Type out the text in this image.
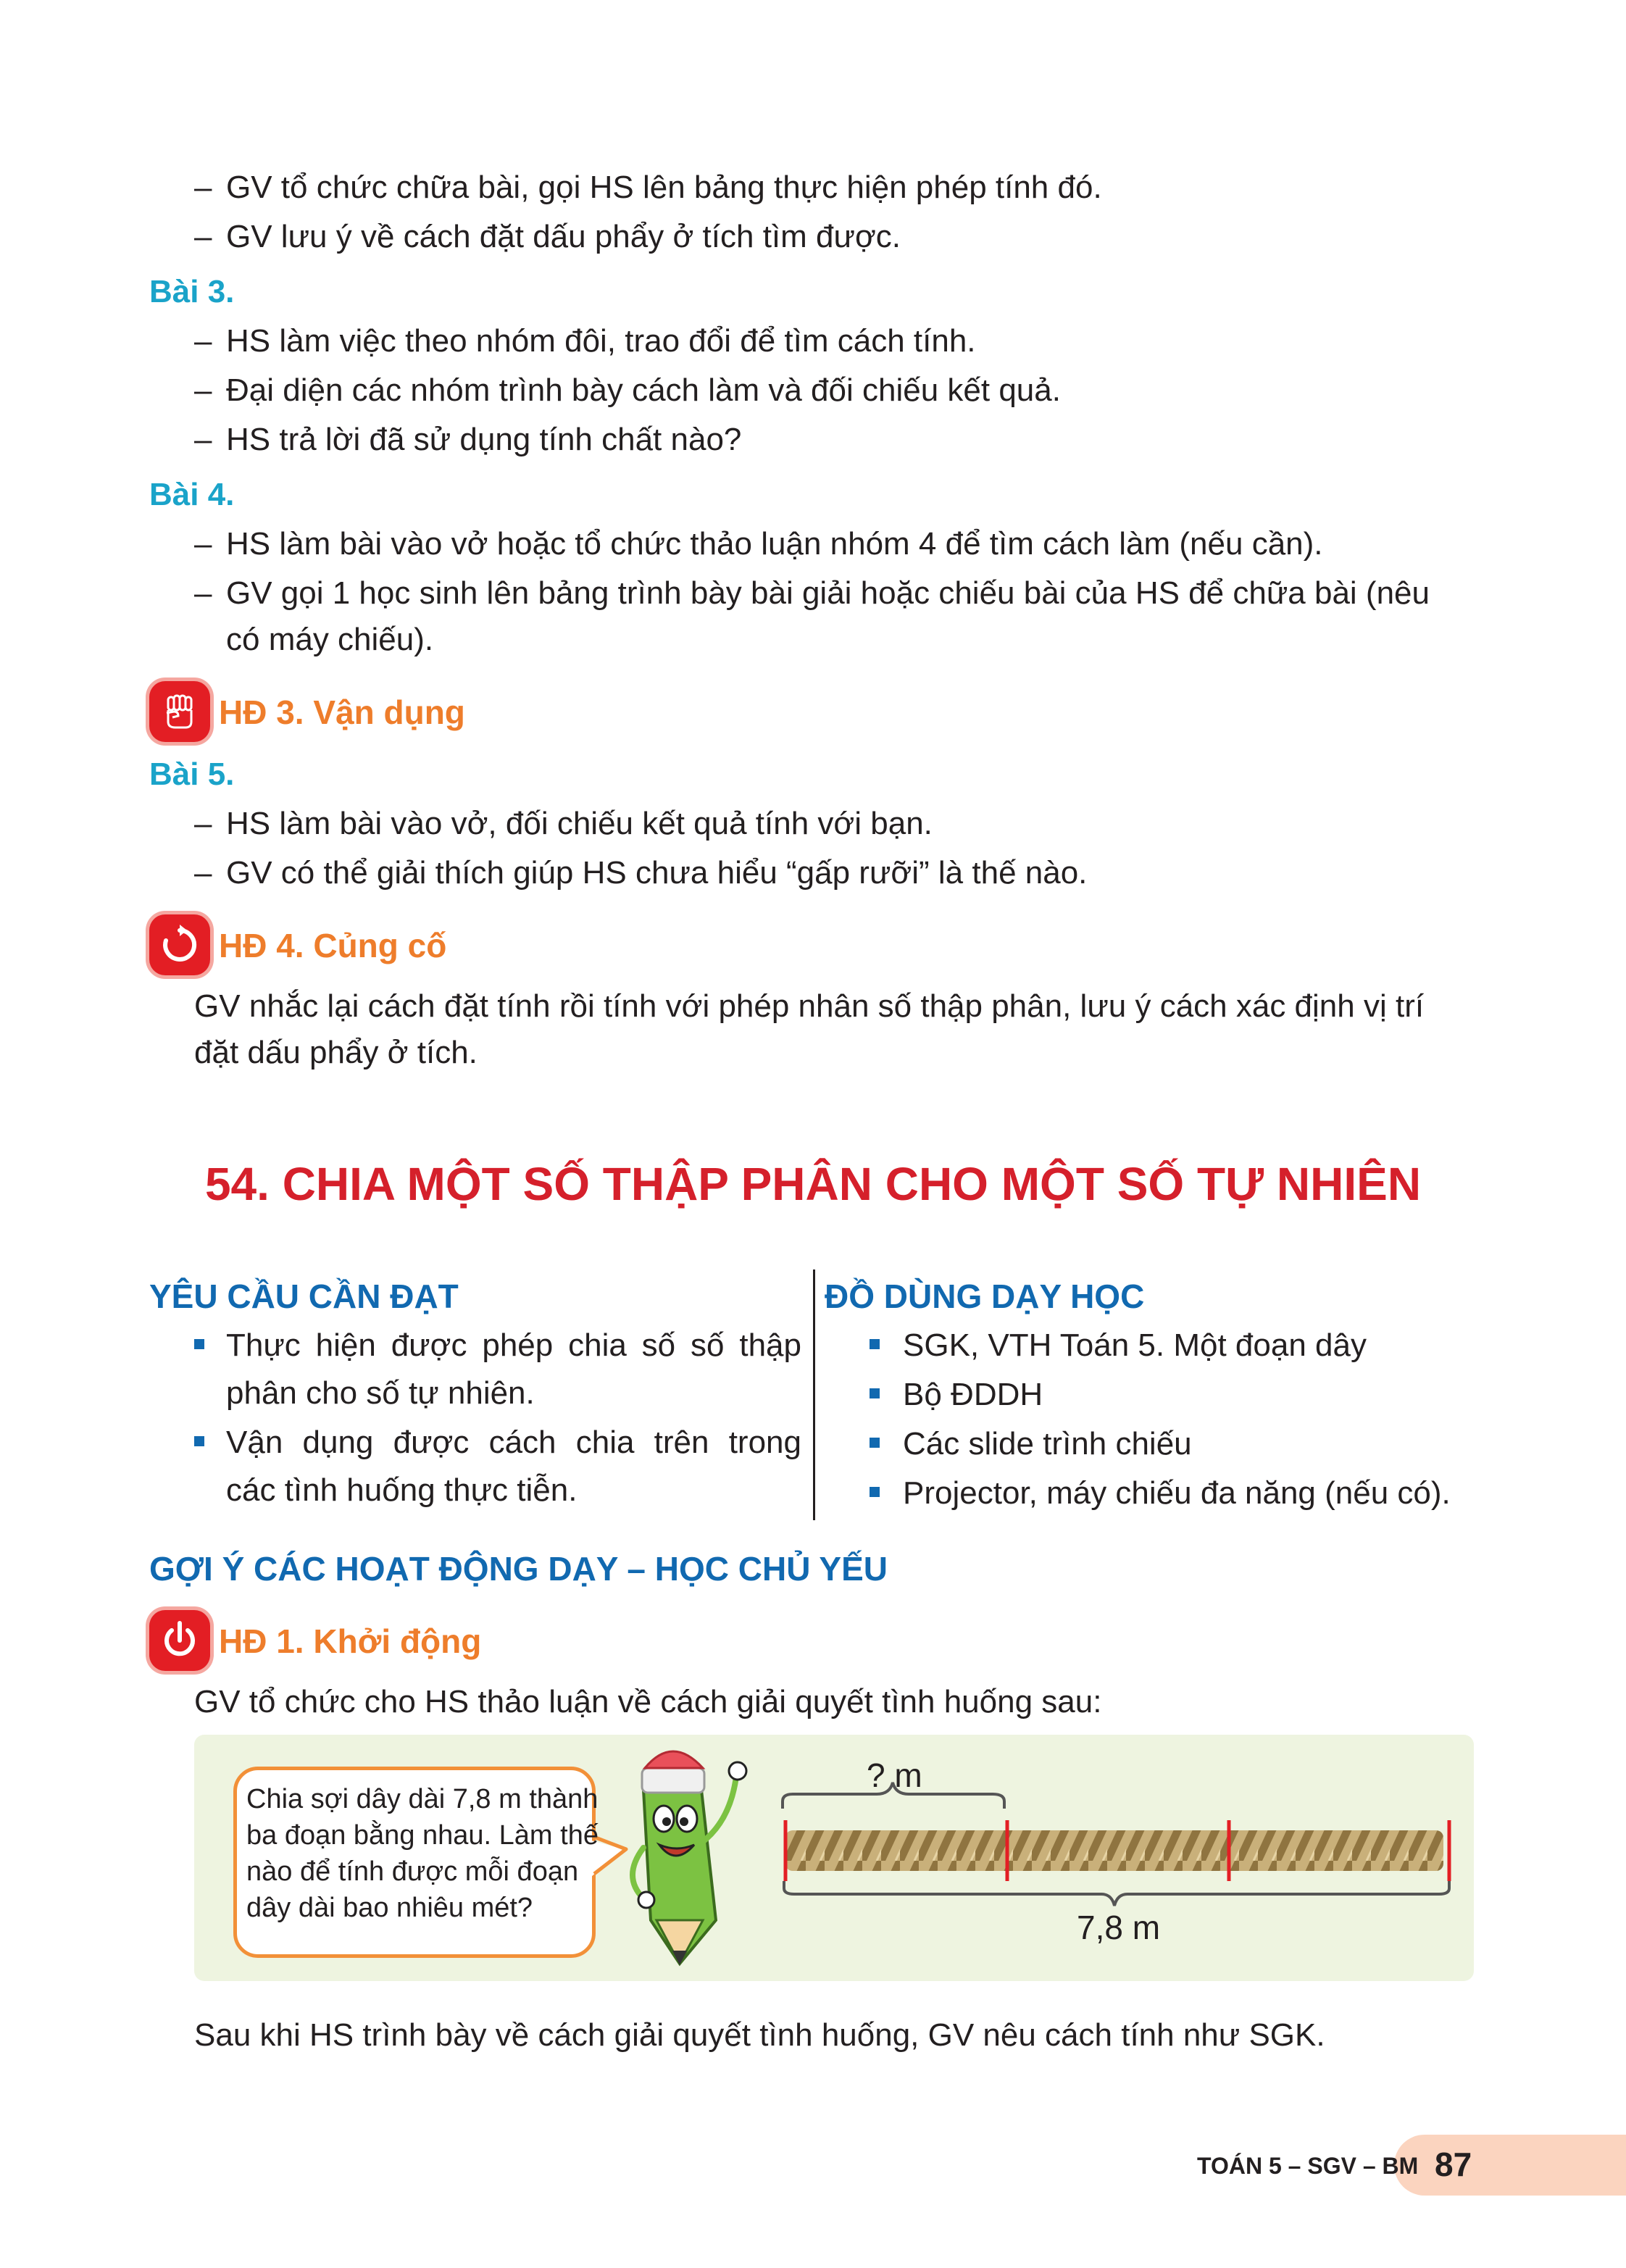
– GV tổ chức chữa bài, gọi HS lên bảng thực hiện phép tính đó.
– GV lưu ý về cách đặt dấu phẩy ở tích tìm được.
Bài 3.
– HS làm việc theo nhóm đôi, trao đổi để tìm cách tính.
– Đại diện các nhóm trình bày cách làm và đối chiếu kết quả.
– HS trả lời đã sử dụng tính chất nào?
Bài 4.
– HS làm bài vào vở hoặc tổ chức thảo luận nhóm 4 để tìm cách làm (nếu cần).
– GV gọi 1 học sinh lên bảng trình bày bài giải hoặc chiếu bài của HS để chữa bài (nêu
có máy chiếu).
HĐ 3. Vận dụng
Bài 5.
– HS làm bài vào vở, đối chiếu kết quả tính với bạn.
– GV có thể giải thích giúp HS chưa hiểu “gấp rưỡi” là thế nào.
HĐ 4. Củng cố
GV nhắc lại cách đặt tính rồi tính với phép nhân số thập phân, lưu ý cách xác định vị trí
đặt dấu phẩy ở tích.
54. CHIA MỘT SỐ THẬP PHÂN CHO MỘT SỐ TỰ NHIÊN
YÊU CẦU CẦN ĐẠT
Thực hiện được phép chia số số thập
phân cho số tự nhiên.
Vận dụng được cách chia trên trong
các tình huống thực tiễn.
ĐỒ DÙNG DẠY HỌC
SGK, VTH Toán 5. Một đoạn dây
Bộ ĐDDH
Các slide trình chiếu
Projector, máy chiếu đa năng (nếu có).
GỢI Ý CÁC HOẠT ĐỘNG DẠY – HỌC CHỦ YẾU
HĐ 1. Khởi động
GV tổ chức cho HS thảo luận về cách giải quyết tình huống sau:
Chia sợi dây dài 7,8 m thành
ba đoạn bằng nhau. Làm thế
nào để tính được mỗi đoạn
dây dài bao nhiêu mét?
? m
7,8 m
Sau khi HS trình bày về cách giải quyết tình huống, GV nêu cách tính như SGK.
TOÁN 5 – SGV – BM 87
